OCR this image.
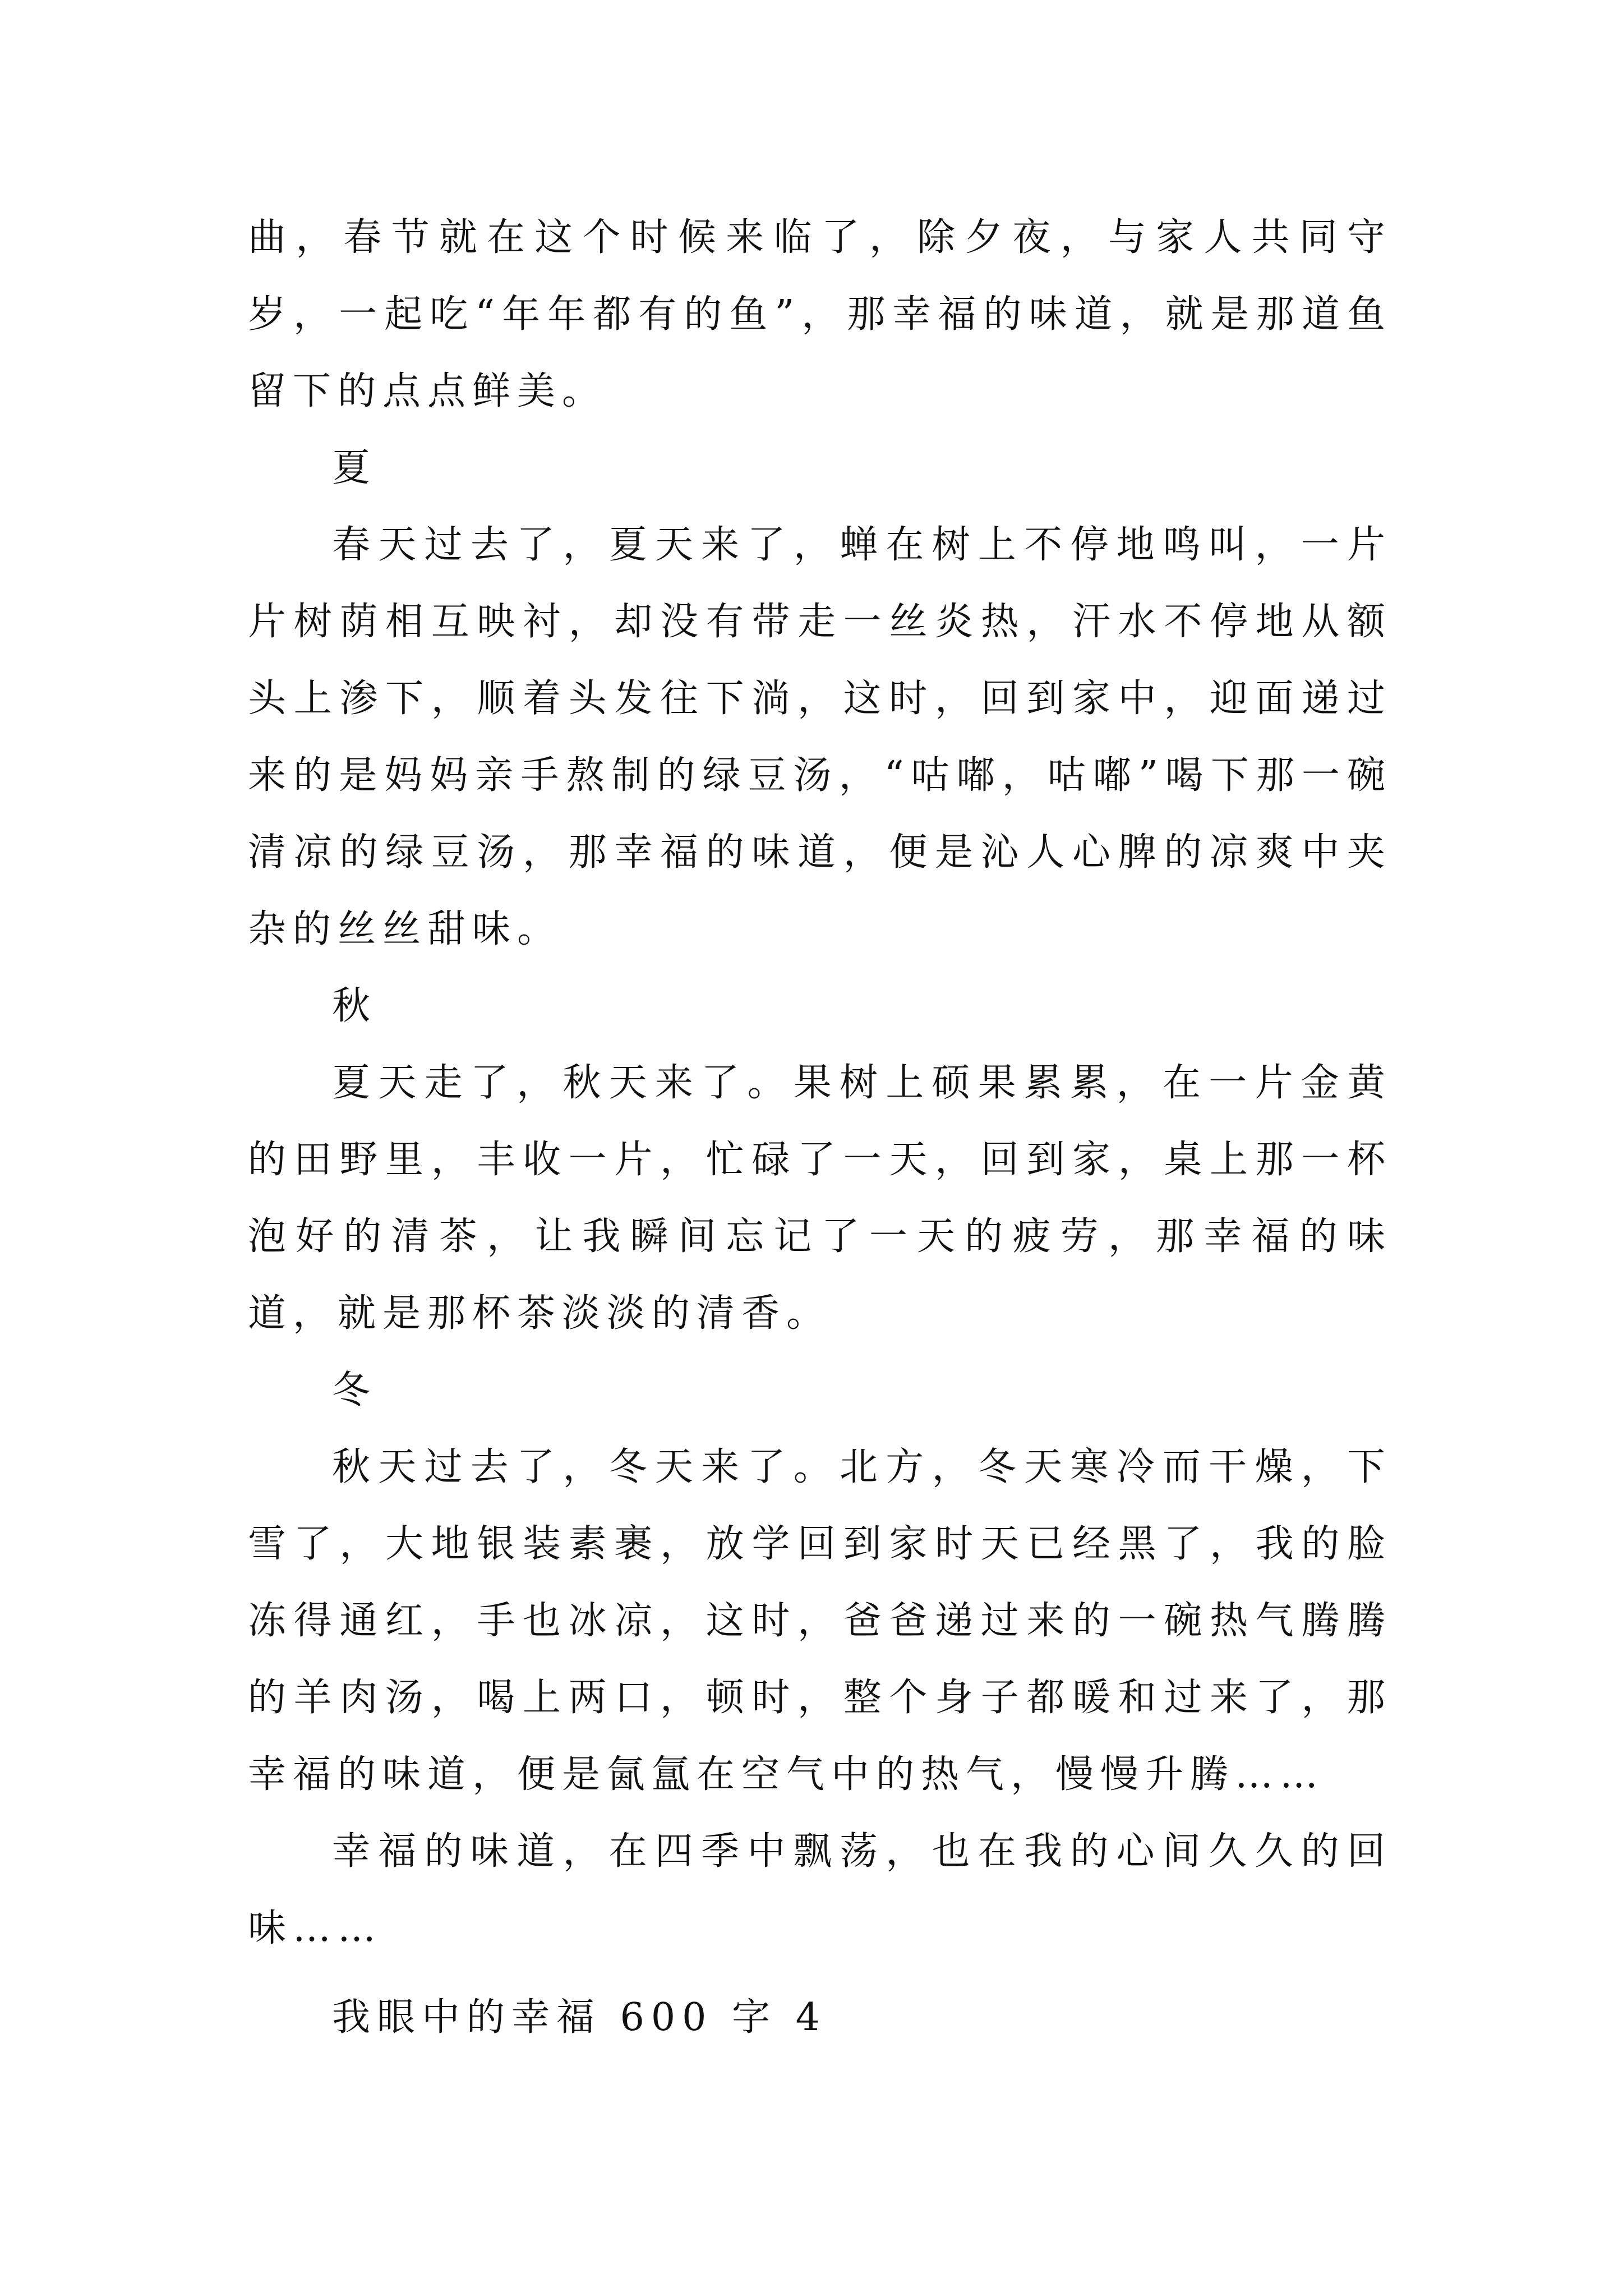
曲，春节就在这个时候来临了，除夕夜，与家人共同守岁，一起吃“年年都有的鱼”，那幸福的味道，就是那道鱼留下的点点鲜美。

夏

春天过去了，夏天来了，蝉在树上不停地鸣叫，一片片树荫相互映衬，却没有带走一丝炎热，汗水不停地从额头上渗下，顺着头发往下淌，这时，回到家中，迎面递过来的是妈妈亲手熬制的绿豆汤，“咕嘟，咕嘟”喝下那一碗清凉的绿豆汤，那幸福的味道，便是沁人心脾的凉爽中夹杂的丝丝甜味。

秋

夏天走了，秋天来了。果树上硕果累累，在一片金黄的田野里，丰收一片，忙碌了一天，回到家，桌上那一杯泡好的清茶，让我瞬间忘记了一天的疲劳，那幸福的味道，就是那杯茶淡淡的清香。

冬

秋天过去了，冬天来了。北方，冬天寒冷而干燥，下雪了，大地银装素裹，放学回到家时天已经黑了，我的脸冻得通红，手也冰凉，这时，爸爸递过来的一碗热气腾腾的羊肉汤，喝上两口，顿时，整个身子都暖和过来了，那幸福的味道，便是氤氲在空气中的热气，慢慢升腾……

幸福的味道，在四季中飘荡，也在我的心间久久的回味……

我眼中的幸福 600 字 4
